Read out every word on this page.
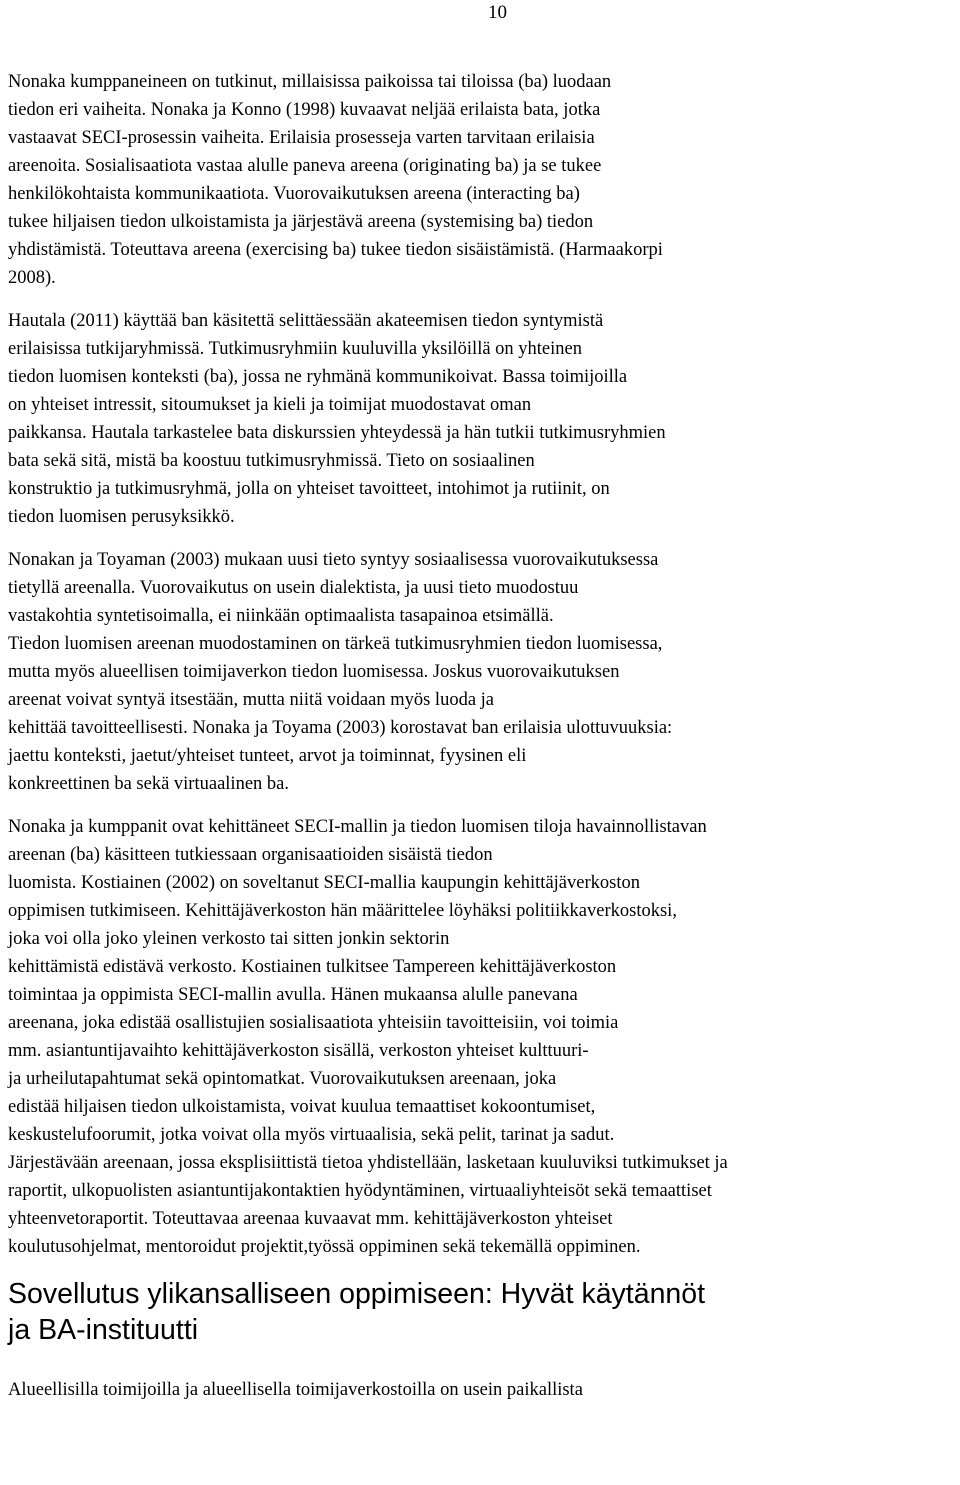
10
Nonaka kumppaneineen on tutkinut, millaisissa paikoissa tai tiloissa (ba) luodaan
tiedon eri vaiheita. Nonaka ja Konno (1998) kuvaavat neljää erilaista bata, jotka
vastaavat SECI-prosessin vaiheita. Erilaisia prosesseja varten tarvitaan erilaisia
areenoita. Sosialisaatiota vastaa alulle paneva areena (originating ba) ja se tukee
henkilökohtaista kommunikaatiota. Vuorovaikutuksen areena (interacting ba)
tukee hiljaisen tiedon ulkoistamista ja järjestävä areena (systemising ba) tiedon
yhdistämistä. Toteuttava areena (exercising ba) tukee tiedon sisäistämistä. (Harmaakorpi
2008).
Hautala (2011) käyttää ban käsitettä selittäessään akateemisen tiedon syntymistä
erilaisissa tutkijaryhmissä. Tutkimusryhmiin kuuluvilla yksilöillä on yhteinen
tiedon luomisen konteksti (ba), jossa ne ryhmänä kommunikoivat. Bassa toimijoilla
on yhteiset intressit, sitoumukset ja kieli ja toimijat muodostavat oman
paikkansa. Hautala tarkastelee bata diskurssien yhteydessä ja hän tutkii tutkimusryhmien
bata sekä sitä, mistä ba koostuu tutkimusryhmissä. Tieto on sosiaalinen
konstruktio ja tutkimusryhmä, jolla on yhteiset tavoitteet, intohimot ja rutiinit, on
tiedon luomisen perusyksikkö.
Nonakan ja Toyaman (2003) mukaan uusi tieto syntyy sosiaalisessa vuorovaikutuksessa
tietyllä areenalla. Vuorovaikutus on usein dialektista, ja uusi tieto muodostuu
vastakohtia syntetisoimalla, ei niinkään optimaalista tasapainoa etsimällä.
Tiedon luomisen areenan muodostaminen on tärkeä tutkimusryhmien tiedon luomisessa,
mutta myös alueellisen toimijaverkon tiedon luomisessa. Joskus vuorovaikutuksen
areenat voivat syntyä itsestään, mutta niitä voidaan myös luoda ja
kehittää tavoitteellisesti. Nonaka ja Toyama (2003) korostavat ban erilaisia ulottuvuuksia:
jaettu konteksti, jaetut/yhteiset tunteet, arvot ja toiminnat, fyysinen eli
konkreettinen ba sekä virtuaalinen ba.
Nonaka ja kumppanit ovat kehittäneet SECI-mallin ja tiedon luomisen tiloja havainnollistavan
areenan (ba) käsitteen tutkiessaan organisaatioiden sisäistä tiedon
luomista. Kostiainen (2002) on soveltanut SECI-mallia kaupungin kehittäjäverkoston
oppimisen tutkimiseen. Kehittäjäverkoston hän määrittelee löyhäksi politiikkaverkostoksi,
joka voi olla joko yleinen verkosto tai sitten jonkin sektorin
kehittämistä edistävä verkosto. Kostiainen tulkitsee Tampereen kehittäjäverkoston
toimintaa ja oppimista SECI-mallin avulla. Hänen mukaansa alulle panevana
areenana, joka edistää osallistujien sosialisaatiota yhteisiin tavoitteisiin, voi toimia
mm. asiantuntijavaihto kehittäjäverkoston sisällä, verkoston yhteiset kulttuuri-
ja urheilutapahtumat sekä opintomatkat. Vuorovaikutuksen areenaan, joka
edistää hiljaisen tiedon ulkoistamista, voivat kuulua temaattiset kokoontumiset,
keskustelufoorumit, jotka voivat olla myös virtuaalisia, sekä pelit, tarinat ja sadut.
Järjestävään areenaan, jossa eksplisiittistä tietoa yhdistellään, lasketaan kuuluviksi tutkimukset ja
raportit, ulkopuolisten asiantuntijakontaktien hyödyntäminen, virtuaaliyhteisöt sekä temaattiset
yhteenvetoraportit. Toteuttavaa areenaa kuvaavat mm. kehittäjäverkoston yhteiset
koulutusohjelmat, mentoroidut projektit,työssä oppiminen sekä tekemällä oppiminen.
Sovellutus ylikansalliseen oppimiseen: Hyvät käytännöt
ja BA-instituutti
Alueellisilla toimijoilla ja alueellisella toimijaverkostoilla on usein paikallista
